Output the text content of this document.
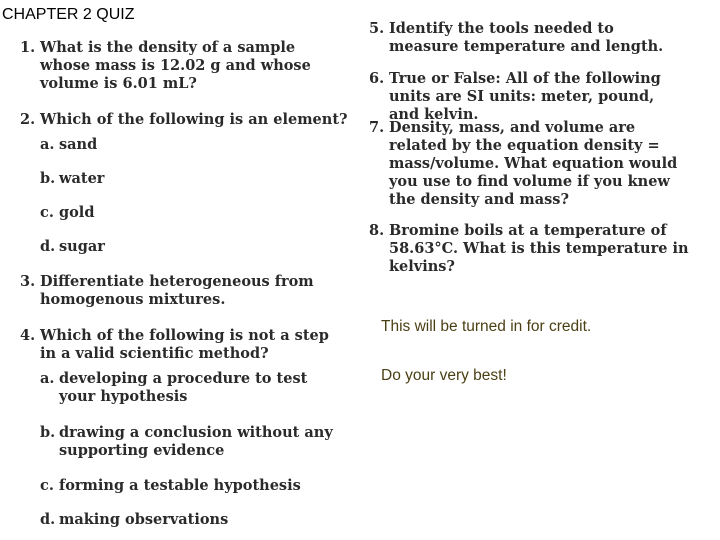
CHAPTER 2 QUIZ
1. What is the density of a sample whose mass is 12.02 g and whose volume is 6.01 mL?
2. Which of the following is an element?
a. sand
b. water
c. gold
d. sugar
3. Differentiate heterogeneous from homogenous mixtures.
4. Which of the following is not a step in a valid scientific method?
a. developing a procedure to test your hypothesis
b. drawing a conclusion without any supporting evidence
c. forming a testable hypothesis
d. making observations
5. Identify the tools needed to measure temperature and length.
6. True or False: All of the following units are SI units: meter, pound, and kelvin.
7. Density, mass, and volume are related by the equation density = mass/volume. What equation would you use to find volume if you knew the density and mass?
8. Bromine boils at a temperature of 58.63°C. What is this temperature in kelvins?
This will be turned in for credit.
Do your very best!
